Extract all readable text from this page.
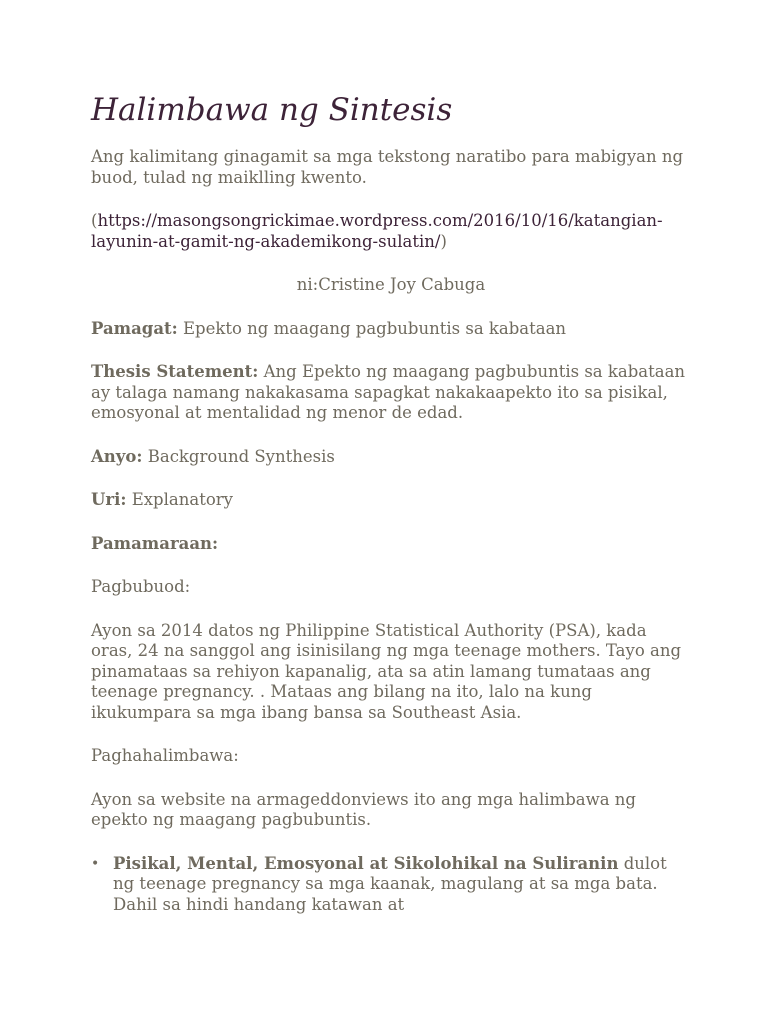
Halimbawa ng Sintesis

Ang kalimitang ginagamit sa mga tekstong naratibo para mabigyan ng buod, tulad ng maiklling kwento.

(https://masongsongrickimae.wordpress.com/2016/10/16/katangian-layunin-at-gamit-ng-akademikong-sulatin/)

ni:Cristine Joy Cabuga

Pamagat: Epekto ng maagang pagbubuntis sa kabataan

Thesis Statement: Ang Epekto ng maagang pagbubuntis sa kabataan ay talaga namang nakakasama sapagkat nakakaapekto ito sa pisikal, emosyonal at mentalidad ng menor de edad.

Anyo: Background Synthesis

Uri: Explanatory

Pamamaraan:

Pagbubuod:

Ayon sa 2014 datos ng Philippine Statistical Authority (PSA), kada oras, 24 na sanggol ang isinisilang ng mga teenage mothers. Tayo ang pinamataas sa rehiyon kapanalig, ata sa atin lamang tumataas ang teenage pregnancy. . Mataas ang bilang na ito, lalo na kung ikukumpara sa mga ibang bansa sa Southeast Asia.

Paghahalimbawa:

Ayon sa website na armageddonviews ito ang mga halimbawa ng epekto ng maagang pagbubuntis.

• Pisikal, Mental, Emosyonal at Sikolohikal na Suliranin dulot ng teenage pregnancy sa mga kaanak, magulang at sa mga bata. Dahil sa hindi handang katawan at
